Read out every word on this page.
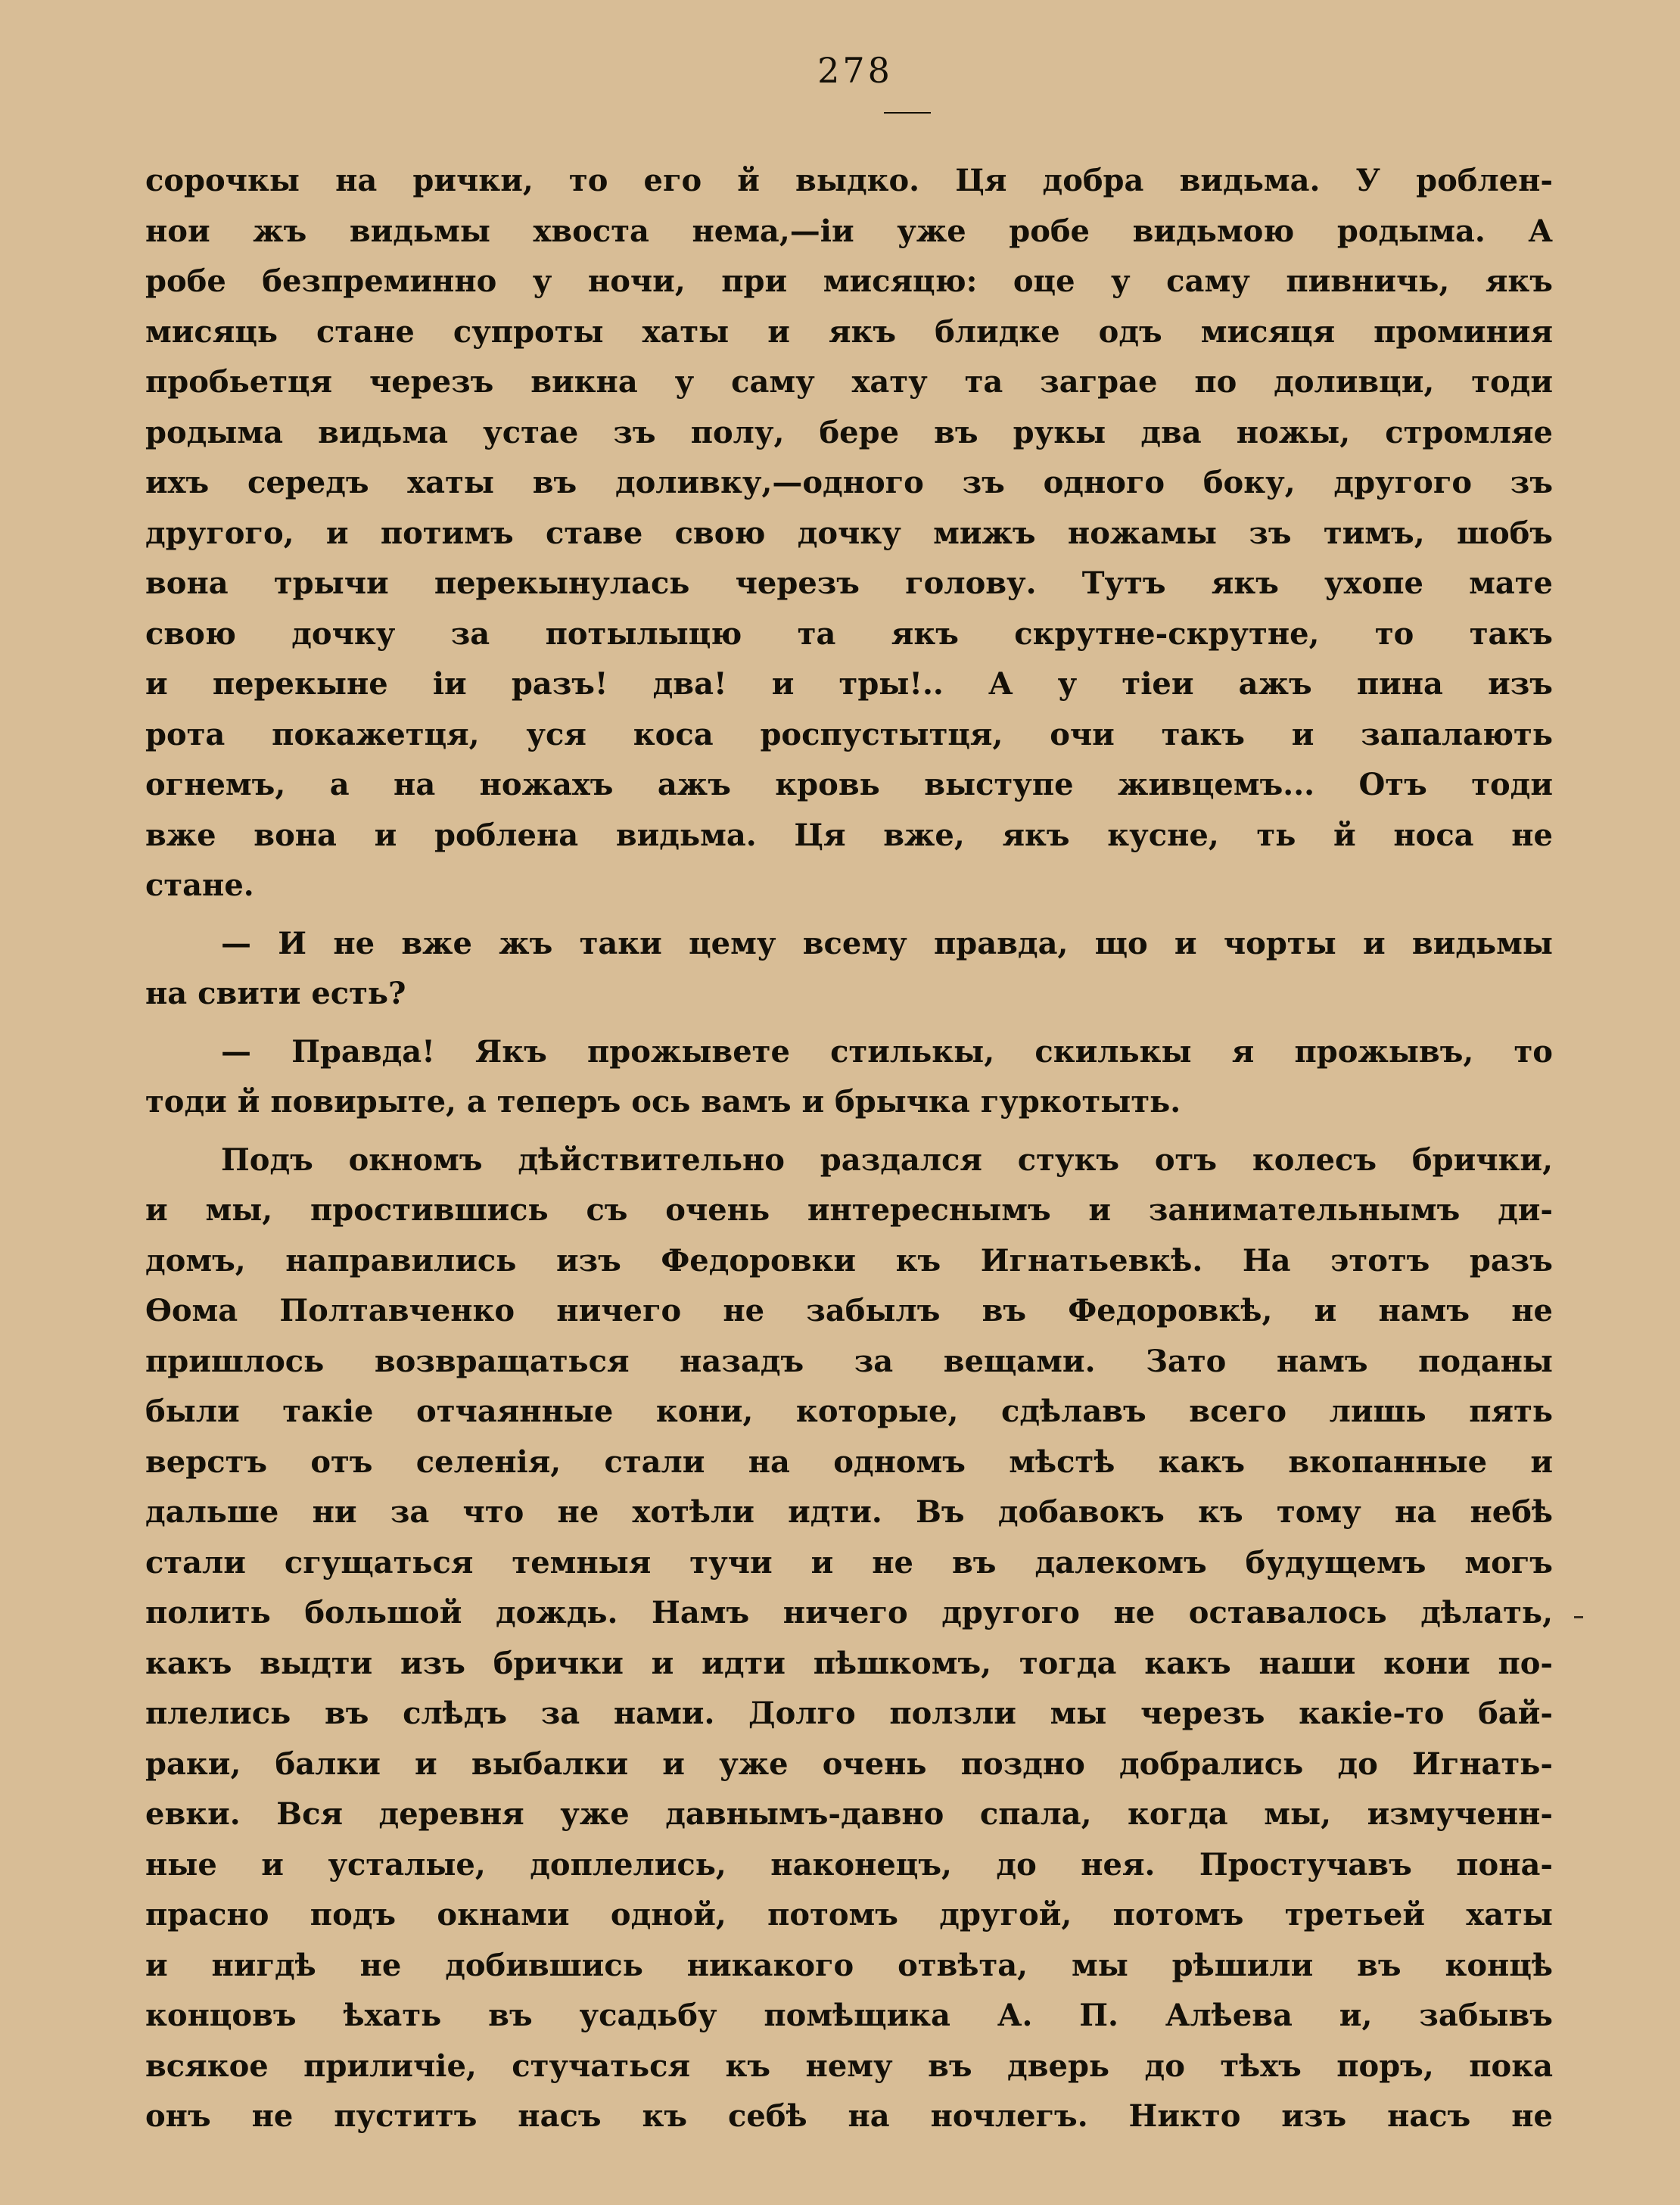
278
сорочкы на рички, то его й выдко. Ця добра видьма. У роблен-
нои жъ видьмы хвоста нема,—iи уже робе видьмою родыма. А
робе безпреминно у ночи, при мисяцю: оце у саму пивничь, якъ
мисяць стане супроты хаты и якъ блидке одъ мисяця проминия
пробьетця черезъ викна у саму хату та заграе по доливци, тоди
родыма видьма устае зъ полу, бере въ рукы два ножы, стромляе
ихъ середъ хаты въ доливку,—одного зъ одного боку, другого зъ
другого, и потимъ ставе свою дочку мижъ ножамы зъ тимъ, шобъ
вона трычи перекынулась черезъ голову. Тутъ якъ ухопе мате
свою дочку за потылыцю та якъ скрутне-скрутне, то такъ
и перекыне iи разъ! два! и тры!.. А у тiеи ажъ пина изъ
рота покажетця, уся коса роспустытця, очи такъ и запалають
огнемъ, а на ножахъ ажъ кровь выступе живцемъ... Отъ тоди
вже вона и роблена видьма. Ця вже, якъ кусне, ть й носа не
стане.
— И не вже жъ таки цему всему правда, що и чорты и видьмы
на свити есть?
— Правда! Якъ прожывете стилькы, скилькы я прожывъ, то
тоди й повирыте, а теперъ ось вамъ и брычка гуркотыть.
Подъ окномъ дѣйствительно раздался стукъ отъ колесъ брички,
и мы, простившись съ очень интереснымъ и занимательнымъ ди-
домъ, направились изъ Федоровки къ Игнатьевкѣ. На этотъ разъ
Ѳома Полтавченко ничего не забылъ въ Федоровкѣ, и намъ не
пришлось возвращаться назадъ за вещами. Зато намъ поданы
были такiе отчаянные кони, которые, сдѣлавъ всего лишь пять
верстъ отъ селенiя, стали на одномъ мѣстѣ какъ вкопанные и
дальше ни за что не хотѣли идти. Въ добавокъ къ тому на небѣ
стали сгущаться темныя тучи и не въ далекомъ будущемъ могъ
полить большой дождь. Намъ ничего другого не оставалось дѣлать,
какъ выдти изъ брички и идти пѣшкомъ, тогда какъ наши кони по-
плелись въ слѣдъ за нами. Долго ползли мы черезъ какiе-то бай-
раки, балки и выбалки и уже очень поздно добрались до Игнать-
евки. Вся деревня уже давнымъ-давно спала, когда мы, измученн-
ные и усталые, доплелись, наконецъ, до нея. Простучавъ пона-
прасно подъ окнами одной, потомъ другой, потомъ третьей хаты
и нигдѣ не добившись никакого отвѣта, мы рѣшили въ концѣ
концовъ ѣхать въ усадьбу помѣщика А. П. Алѣева и, забывъ
всякое приличiе, стучаться къ нему въ дверь до тѣхъ поръ, пока
онъ не пуститъ насъ къ себѣ на ночлегъ. Никто изъ насъ не
